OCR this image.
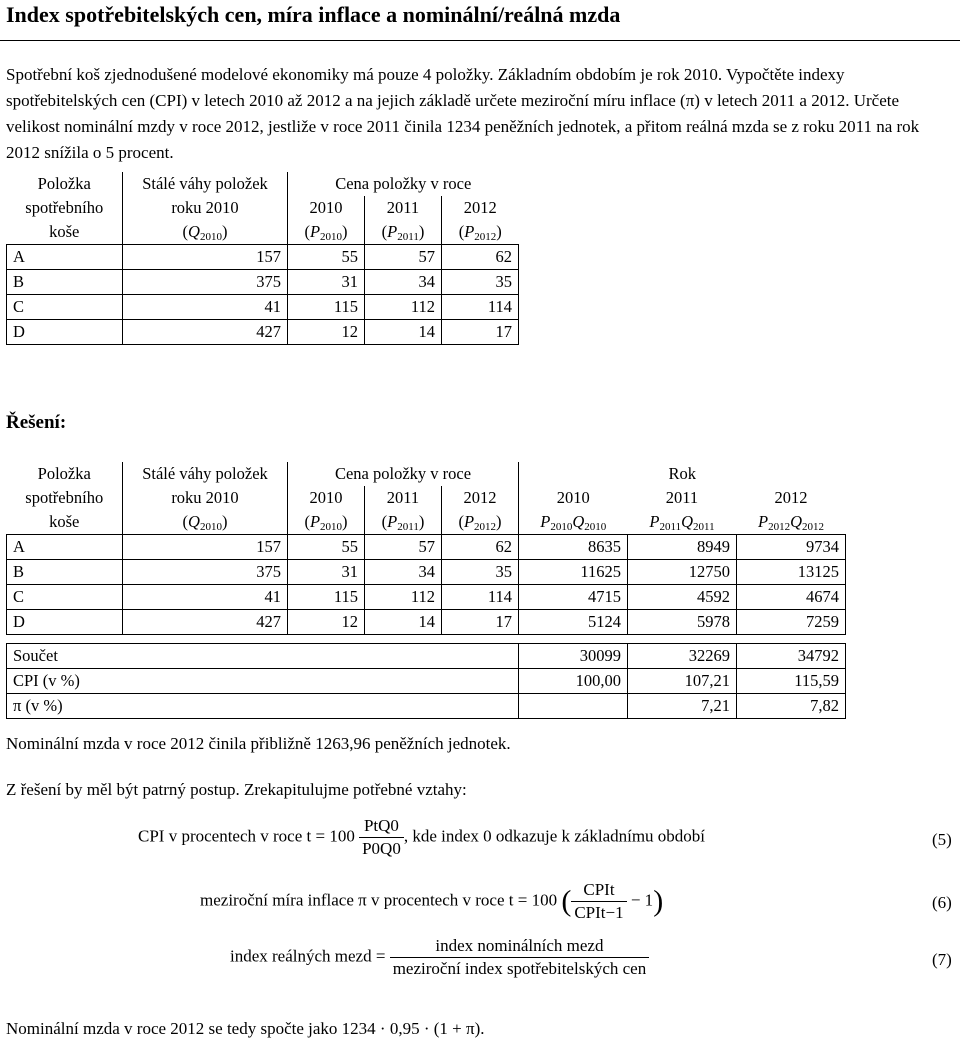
Index spotřebitelských cen, míra inflace a nominální/reálná mzda
Spotřební koš zjednodušené modelové ekonomiky má pouze 4 položky. Základním obdobím je rok 2010. Vypočtěte indexy spotřebitelských cen (CPI) v letech 2010 až 2012 a na jejich základě určete meziroční míru inflace (π) v letech 2011 a 2012. Určete velikost nominální mzdy v roce 2012, jestliže v roce 2011 činila 1234 peněžních jednotek, a přitom reálná mzda se z roku 2011 na rok 2012 snížila o 5 procent.
Položka	Stálé váhy položek	Cena položky v roce		
spotřebního	roku 2010	2010	2011	2012
koše	$(Q_{2010})$	$(P_{2010})$	$(P_{2011})$	$(P_{2012})$
A	157	55	57	62
B	375	31	34	35
C	41	115	112	114
D	427	12	14	17
Řešení:
Položka	Stálé váhy položek	Cena položky v roce			Rok		
spotřebního	roku 2010	2010	2011	2012	2010	2011	2012
koše	$(Q_{2010})$	$(P_{2010})$	$(P_{2011})$	$(P_{2012})$	$P_{2010}Q_{2010}$	$P_{2011}Q_{2011}$	$P_{2012}Q_{2012}$
A	157	55	57	62	8635	8949	9734
B	375	31	34	35	11625	12750	13125
C	41	115	112	114	4715	4592	4674
D	427	12	14	17	5124	5978	7259

Součet					30099	32269	34792
CPI (v %)					100,00	107,21	115,59
π (v %)						7,21	7,82
Nominální mzda v roce 2012 činila přibližně 1263,96 peněžních jednotek.
Z řešení by měl být patrný postup. Zrekapitulujme potřebné vztahy:
CPI v procentech v roce $t = 100 \frac{\text{PtQ0}}{P0Q0}$ , kde index 0 odkazuje k základnímu období	(5)
meziroční míra inflace π v procentech v roce t = 100 ( $\frac{\text{CPIt}}{\text{CPIt−1}} - 1$)	(6)
index reálných mezd = $\frac{\text{index nominálních mezd}}{\text{meziroční index spotřebitelských cen}}$	(7)
Nominální mzda v roce 2012 se tedy spočte jako 1234 · 0,95 · (1 + π).
